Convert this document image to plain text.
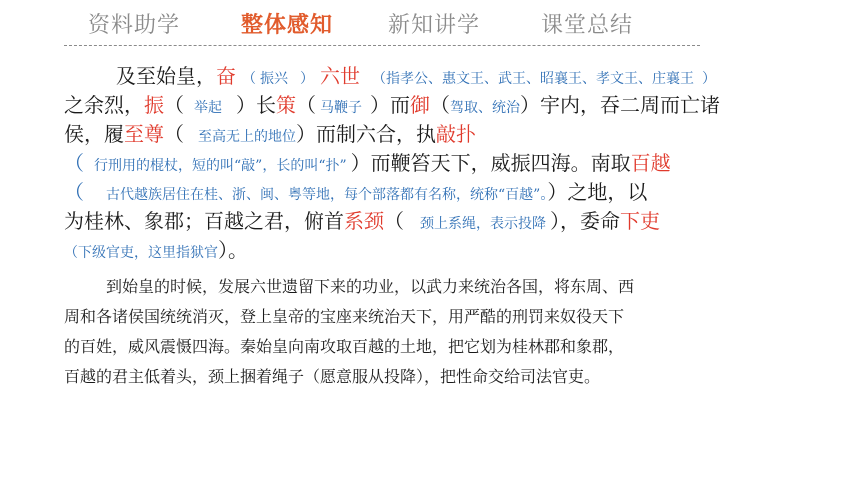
资料助学	整体感知 新知讲学	课堂总结
及至始皇，奋 （ 振兴 ） 六世 （指孝公、惠文王、武王、昭襄王、孝文王、庄襄王 ）
之余烈，振（ 举起 ）长策（ 马鞭子 ）而御（驾取、统治）宇内，吞二周而亡诸
侯，履至尊（ 至高无上的地位）而制六合，执敲扑
（ 行刑用的棍杖，短的叫“敲”，长的叫“扑” ）而鞭笞天下，威振四海。南取百越
（ 古代越族居住在桂、浙、闽、粤等地，每个部落都有名称，统称“百越”。）之地，以
为桂林、象郡；百越之君，俯首系颈（ 颈上系绳，表示投降 ），委命下吏
（下级官吏，这里指狱官）。
到始皇的时候，发展六世遗留下来的功业，以武力来统治各国，将东周、西
周和各诸侯国统统消灭，登上皇帝的宝座来统治天下，用严酷的刑罚来奴役天下
的百姓，威风震慑四海。秦始皇向南攻取百越的土地，把它划为桂林郡和象郡，
百越的君主低着头，颈上捆着绳子（愿意服从投降），把性命交给司法官吏。
